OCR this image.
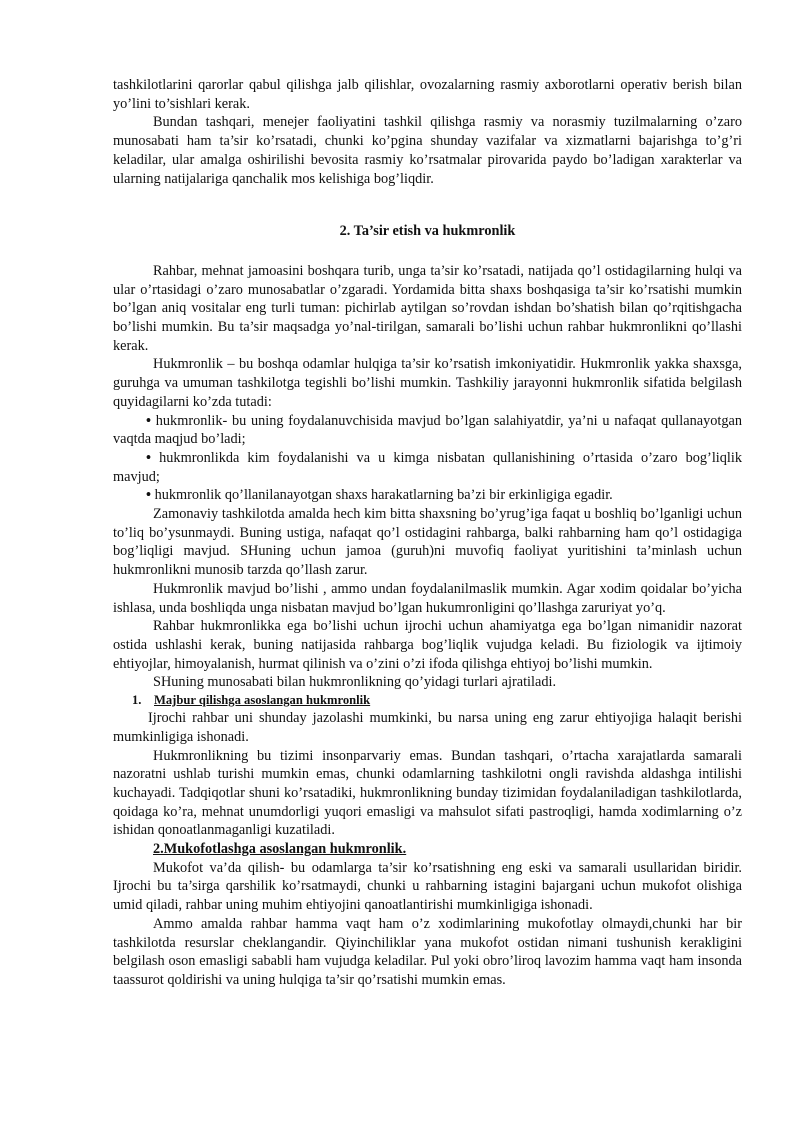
tashkilotlarini qarorlar qabul qilishga jalb qilishlar, ovozalarning rasmiy axborotlarni operativ berish bilan yo’lini to’sishlari kerak.

Bundan tashqari, menejer faoliyatini tashkil qilishga rasmiy va norasmiy tuzilmalarning o’zaro munosabati ham ta’sir ko’rsatadi, chunki ko’pgina shunday vazifalar va xizmatlarni bajarishga to’g’ri keladilar, ular amalga oshirilishi bevosita rasmiy ko’rsatmalar pirovarida paydo bo’ladigan xarakterlar va ularning natijalariga qanchalik mos kelishiga bog’liqdir.

2. Ta’sir etish va hukmronlik

Rahbar, mehnat jamoasini boshqara turib, unga ta’sir ko’rsatadi, natijada qo’l ostidagilarning hulqi va ular o’rtasidagi o’zaro munosabatlar o’zgaradi. Yordamida bitta shaxs boshqasiga ta’sir ko’rsatishi mumkin bo’lgan aniq vositalar eng turli tuman: pichirlab aytilgan so’rovdan ishdan bo’shatish bilan qo’rqitishgacha bo’lishi mumkin. Bu ta’sir maqsadga yo’nal-tirilgan, samarali bo’lishi uchun rahbar hukmronlikni qo’llashi kerak.

Hukmronlik – bu boshqa odamlar hulqiga ta’sir ko’rsatish imkoniyatidir. Hukmronlik yakka shaxsga, guruhga va umuman tashkilotga tegishli bo’lishi mumkin. Tashkiliy jarayonni hukmronlik sifatida belgilash quyidagilarni ko’zda tutadi:

• hukmronlik- bu uning foydalanuvchisida mavjud bo’lgan salahiyatdir, ya’ni u nafaqat qullanayotgan vaqtda maqjud bo’ladi;

• hukmronlikda kim foydalanishi va u kimga nisbatan qullanishining o’rtasida o’zaro bog’liqlik mavjud;

• hukmronlik qo’llanilanayotgan shaxs harakatlarning ba’zi bir erkinligiga egadir.

Zamonaviy tashkilotda amalda hech kim bitta shaxsning bo’yrug’iga faqat u boshliq bo’lganligi uchun to’liq bo’ysunmaydi. Buning ustiga, nafaqat qo’l ostidagini rahbarga, balki rahbarning ham qo’l ostidagiga bog’liqligi mavjud. SHuning uchun jamoa (guruh)ni muvofiq faoliyat yuritishini ta’minlash uchun hukmronlikni munosib tarzda qo’llash zarur.

Hukmronlik mavjud bo’lishi , ammo undan foydalanilmaslik mumkin. Agar xodim qoidalar bo’yicha ishlasa, unda boshliqda unga nisbatan mavjud bo’lgan hukumronligini qo’llashga zaruriyat yo’q.

Rahbar hukmronlikka ega bo’lishi uchun ijrochi uchun ahamiyatga ega bo’lgan nimanidir nazorat ostida ushlashi kerak, buning natijasida rahbarga bog’liqlik vujudga keladi. Bu fiziologik va ijtimoiy ehtiyojlar, himoyalanish, hurmat qilinish va o’zini o’zi ifoda qilishga ehtiyoj bo’lishi mumkin.

SHuning munosabati bilan hukmronlikning qo’yidagi turlari ajratiladi.

1. Majbur qilishga asoslangan hukmronlik

Ijrochi rahbar uni shunday jazolashi mumkinki, bu narsa uning eng zarur ehtiyojiga halaqit berishi mumkinligiga ishonadi.

Hukmronlikning bu tizimi insonparvariy emas. Bundan tashqari, o’rtacha xarajatlarda samarali nazoratni ushlab turishi mumkin emas, chunki odamlarning tashkilotni ongli ravishda aldashga intilishi kuchayadi. Tadqiqotlar shuni ko’rsatadiki, hukmronlikning bunday tizimidan foydalaniladigan tashkilotlarda, qoidaga ko’ra, mehnat unumdorligi yuqori emasligi va mahsulot sifati pastroqligi, hamda xodimlarning o’z ishidan qonoatlanmaganligi kuzatiladi.

2.Mukofotlashga asoslangan hukmronlik.

Mukofot va’da qilish- bu odamlarga ta’sir ko’rsatishning eng eski va samarali usullaridan biridir. Ijrochi bu ta’sirga qarshilik ko’rsatmaydi, chunki u rahbarning istagini bajargani uchun mukofot olishiga umid qiladi, rahbar uning muhim ehtiyojini qanoatlantirishi mumkinligiga ishonadi.

Ammo amalda rahbar hamma vaqt ham o’z xodimlarining mukofotlay olmaydi,chunki har bir tashkilotda resurslar cheklangandir. Qiyinchiliklar yana mukofot ostidan nimani tushunish kerakligini belgilash oson emasligi sababli ham vujudga keladilar. Pul yoki obro’liroq lavozim hamma vaqt ham insonda taassurot qoldirishi va uning hulqiga ta’sir qo’rsatishi mumkin emas.
